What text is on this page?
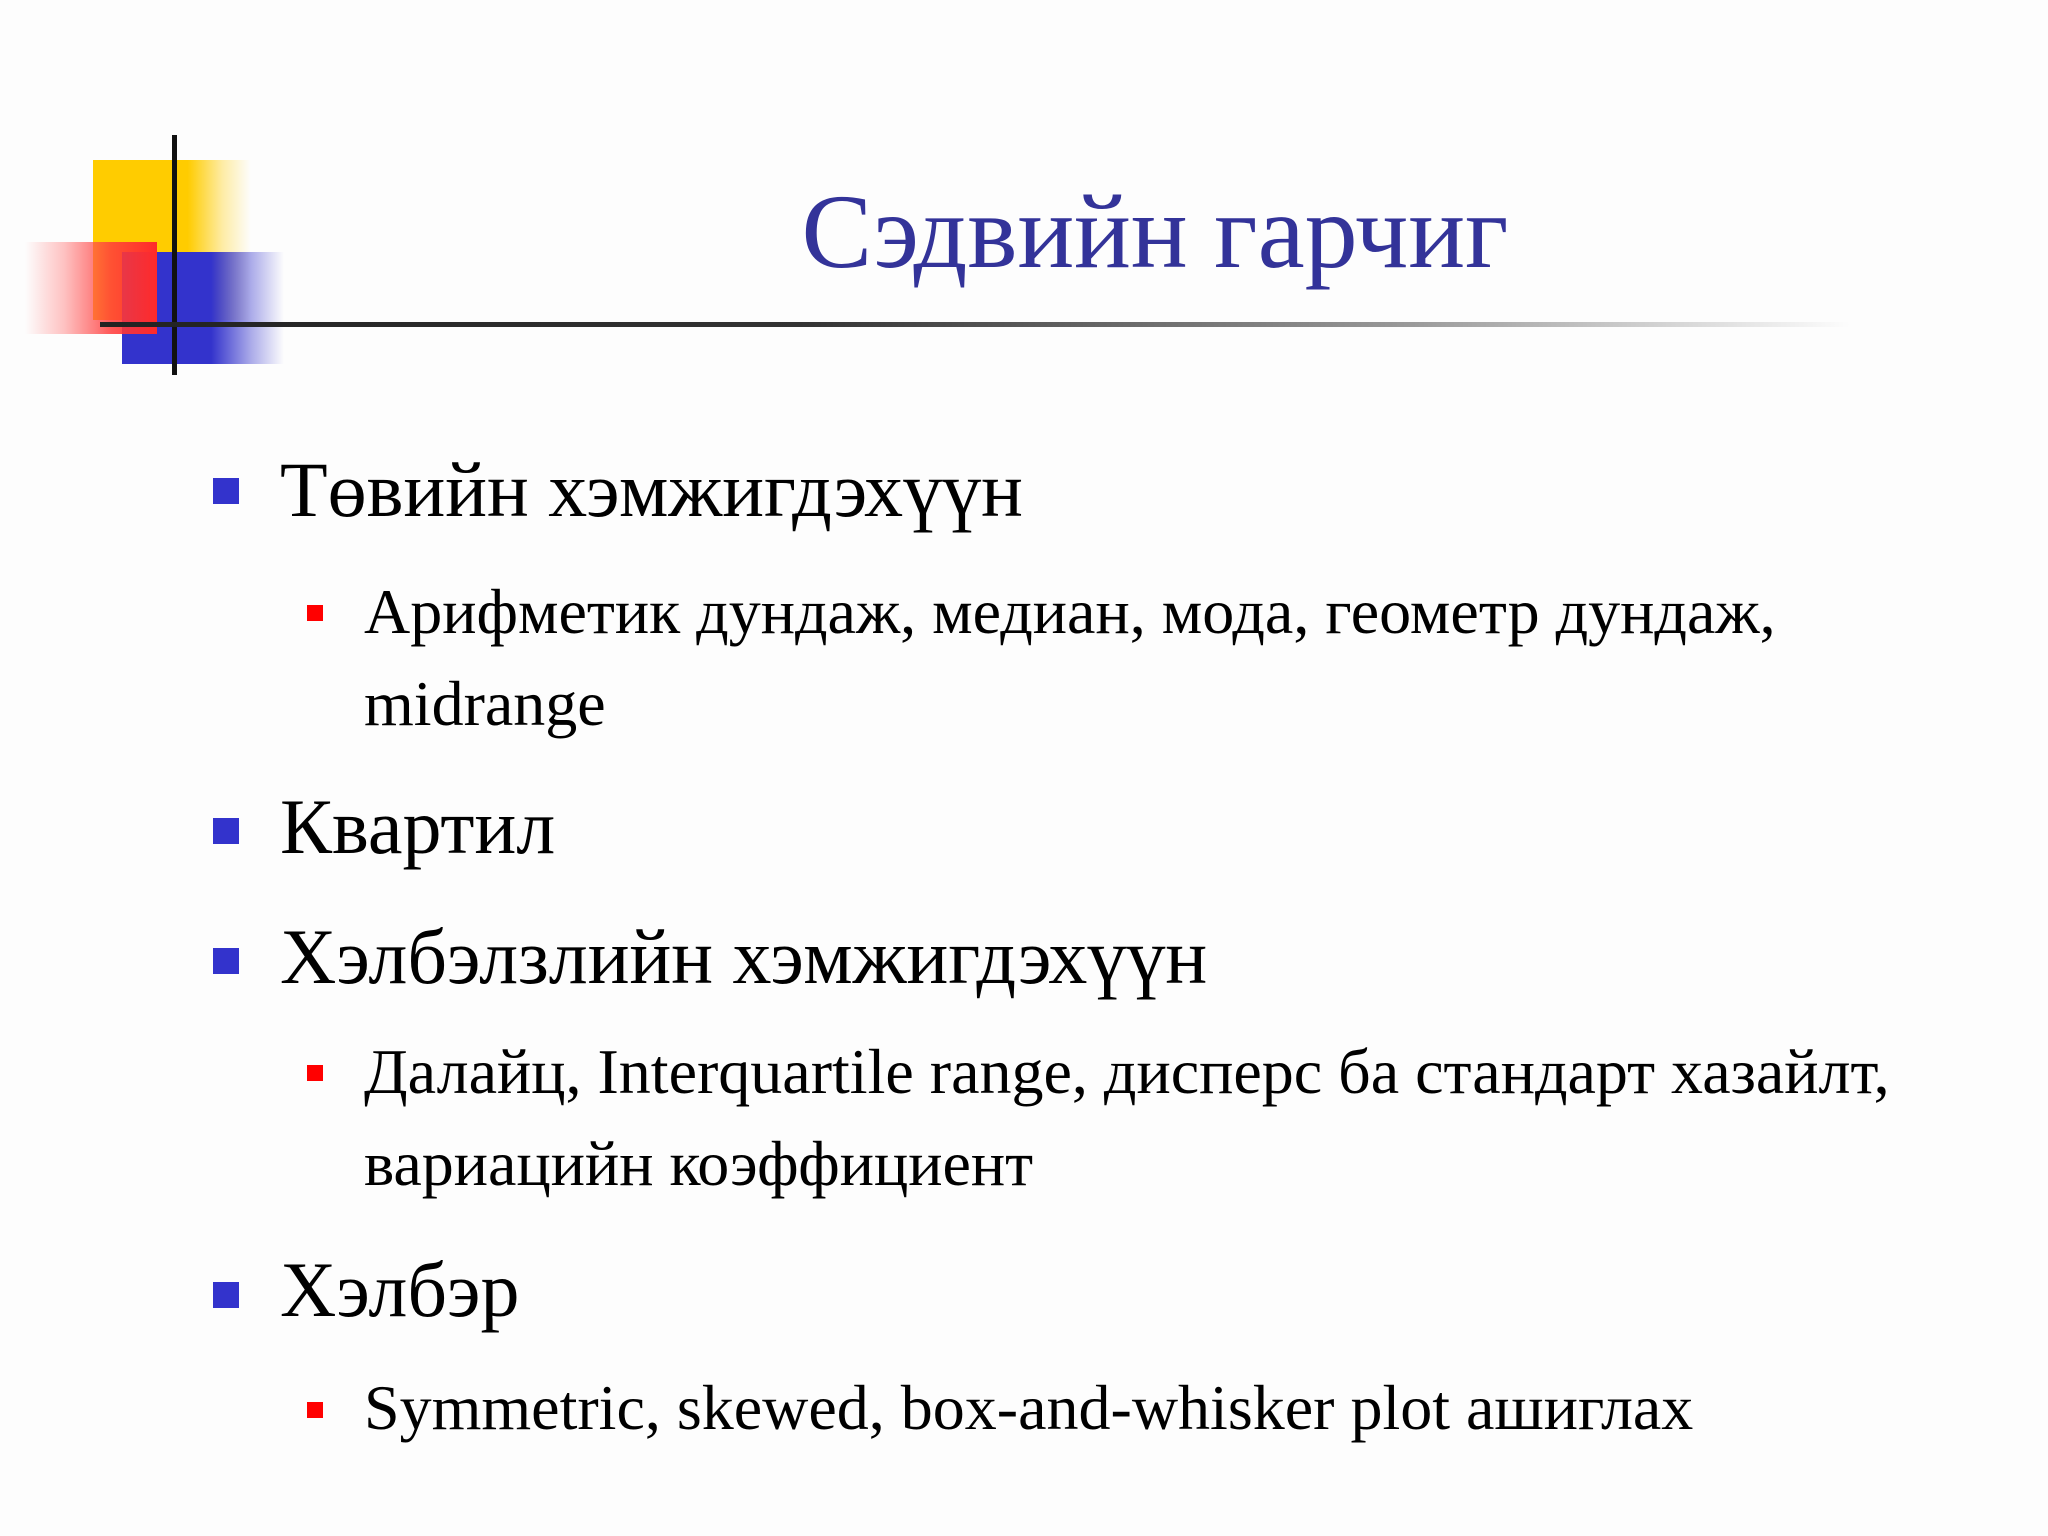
Сэдвийн гарчиг
Төвийн хэмжигдэхүүн
Арифметик дундаж, медиан, мода, геометр дундаж, midrange
Квартил
Хэлбэлзлийн хэмжигдэхүүн
Далайц, Interquartile range, дисперс ба стандарт хазайлт, вариацийн коэффициент
Хэлбэр
Symmetric, skewed, box-and-whisker plot ашиглах
